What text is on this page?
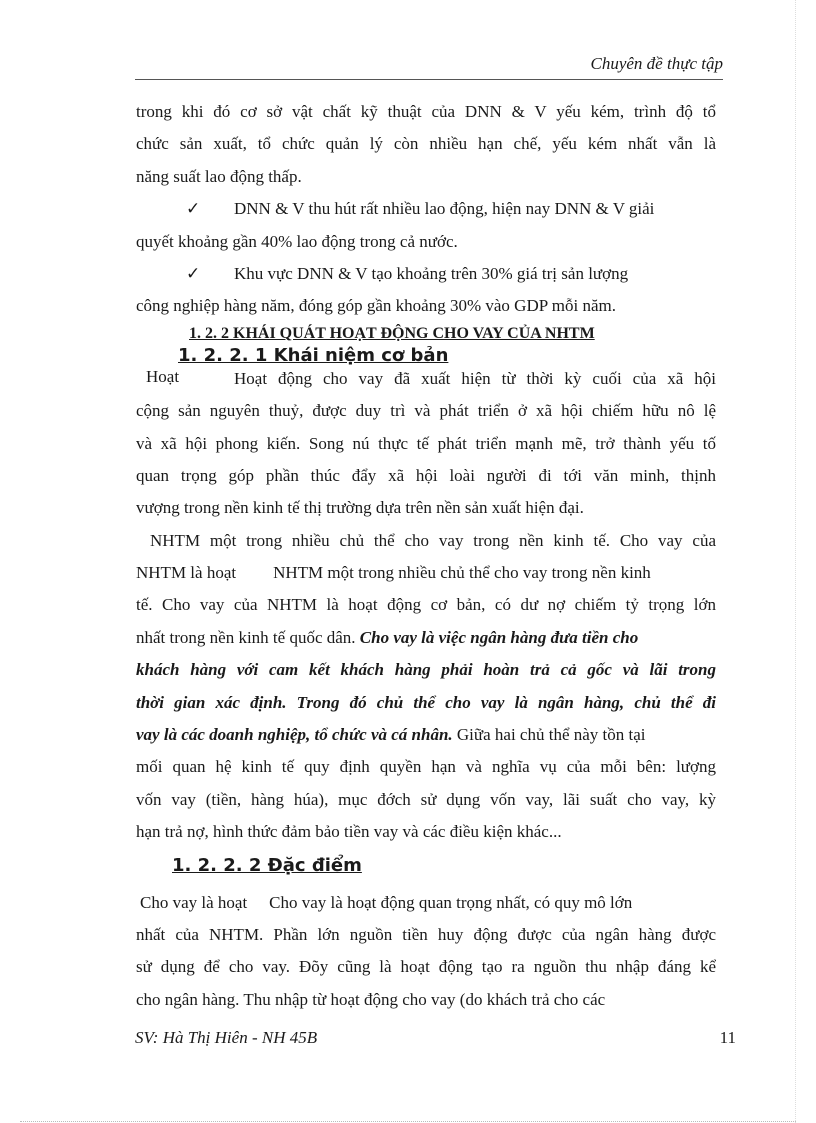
Chuyên đề thực tập
trong khi đó cơ sở vật chất kỹ thuật của DNN & V yếu kém, trình độ tổ
chức sản xuất, tổ chức quản lý còn nhiều hạn chế, yếu kém nhất vẫn là
năng suất lao động thấp.
✓ DNN & V thu hút rất nhiều lao động, hiện nay DNN & V giải
quyết khoảng gần 40% lao động trong cả nước.
✓ Khu vực DNN & V tạo khoảng trên 30% giá trị sản lượng
công nghiệp hàng năm, đóng góp gần khoảng 30% vào GDP mỗi năm.
Hoạt động cho vay đã xuất hiện từ thời kỳ cuối của xã hội
cộng sản nguyên thuỷ, được duy trì và phát triển ở xã hội chiếm hữu nô lệ
và xã hội phong kiến. Song nú thực tế phát triển mạnh mẽ, trở thành yếu tố
quan trọng góp phần thúc đẩy xã hội loài người đi tới văn minh, thịnh
vượng trong nền kinh tế thị trường dựa trên nền sản xuất hiện đại.
NHTM một trong nhiều chủ thể cho vay trong nền kinh tế. Cho vay của
NHTM là hoạt NHTM một trong nhiều chủ thể cho vay trong nền kinh
tế. Cho vay của NHTM là hoạt động cơ bản, có dư nợ chiếm tỷ trọng lớn
nhất trong nền kinh tế quốc dân. Cho vay là việc ngân hàng đưa tiền cho
khách hàng với cam kết khách hàng phải hoàn trả cả gốc và lãi trong
thời gian xác định. Trong đó chủ thể cho vay là ngân hàng, chủ thể đi
vay là các doanh nghiệp, tổ chức và cá nhân. Giữa hai chủ thể này tồn tại
mối quan hệ kinh tế quy định quyền hạn và nghĩa vụ của mỗi bên: lượng
vốn vay (tiền, hàng húa), mục đớch sử dụng vốn vay, lãi suất cho vay, kỳ
hạn trả nợ, hình thức đảm bảo tiền vay và các điều kiện khác...
Cho vay là hoạt Cho vay là hoạt động quan trọng nhất, có quy mô lớn
nhất của NHTM. Phần lớn nguồn tiền huy động được của ngân hàng được
sử dụng để cho vay. Đõy cũng là hoạt động tạo ra nguồn thu nhập đáng kể
cho ngân hàng. Thu nhập từ hoạt động cho vay (do khách trả cho các
Hoạt
1. 2. 2 KHÁI QUÁT HOẠT ĐỘNG CHO VAY CỦA NHTM
1. 2. 2. 1 Khái niệm cơ bản
1. 2. 2. 2 Đặc điểm
SV: Hà Thị Hiên - NH 45B	11
